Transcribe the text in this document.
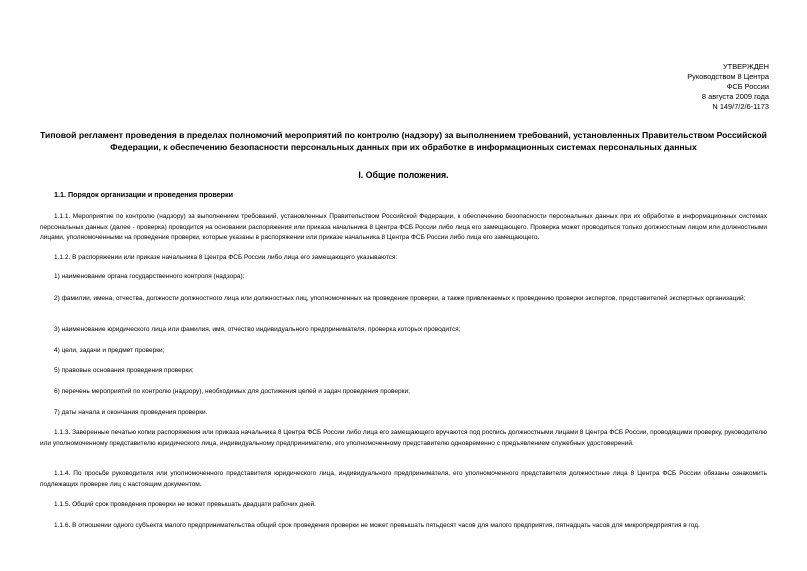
УТВЕРЖДЕН
Руководством 8 Центра
ФСБ России
8 августа 2009 года
N 149/7/2/6-1173
Типовой регламент проведения в пределах полномочий мероприятий по контролю (надзору) за выполнением требований, установленных Правительством Российской Федерации, к обеспечению безопасности персональных данных при их обработке в информационных системах персональных данных
I. Общие положения.
1.1. Порядок организации и проведения проверки

1.1.1. Мероприятие по контролю (надзору) за выполнением требований, установленных Правительством Российской Федерации, к обеспечению безопасности персональных данных при их обработке в информационных системах персональных данных (далее - проверка) проводится на основании распоряжения или приказа начальника 8 Центра ФСБ России либо лица его замещающего. Проверка может проводиться только должностным лицом или должностными лицами, уполномоченными на проведение проверки, которые указаны в распоряжении или приказе начальника 8 Центра ФСБ России либо лица его замещающего.

1.1.2. В распоряжении или приказе начальника 8 Центра ФСБ России либо лица его замещающего указываются:

1) наименование органа государственного контроля (надзора);

2) фамилии, имена, отчества, должности должностного лица или должностных лиц, уполномоченных на проведение проверки, а также привлекаемых к проведению проверки экспертов, представителей экспертных организаций;

3) наименование юридического лица или фамилия, имя, отчество индивидуального предпринимателя, проверка которых проводится;

4) цели, задачи и предмет проверки;

5) правовые основания проведения проверки;

6) перечень мероприятий по контролю (надзору), необходимых для достижения целей и задач проведения проверки;

7) даты начала и окончания проведения проверки.

1.1.3. Заверенные печатью копии распоряжения или приказа начальника 8 Центра ФСБ России либо лица его замещающего вручаются под роспись должностными лицами 8 Центра ФСБ России, проводящими проверку, руководителю или уполномоченному представителю юридического лица, индивидуальному предпринимателю, его уполномоченному представителю одновременно с предъявлением служебных удостоверений.

1.1.4. По просьбе руководителя или уполномоченного представителя юридического лица, индивидуального предпринимателя, его уполномоченного представителя должностные лица 8 Центра ФСБ России обязаны ознакомить подлежащих проверке лиц с настоящим документом.

1.1.5. Общий срок проведения проверки не может превышать двадцати рабочих дней.

1.1.6. В отношении одного субъекта малого предпринимательства общий срок проведения проверки не может превышать пятьдесят часов для малого предприятия, пятнадцать часов для микропредприятия в год.
